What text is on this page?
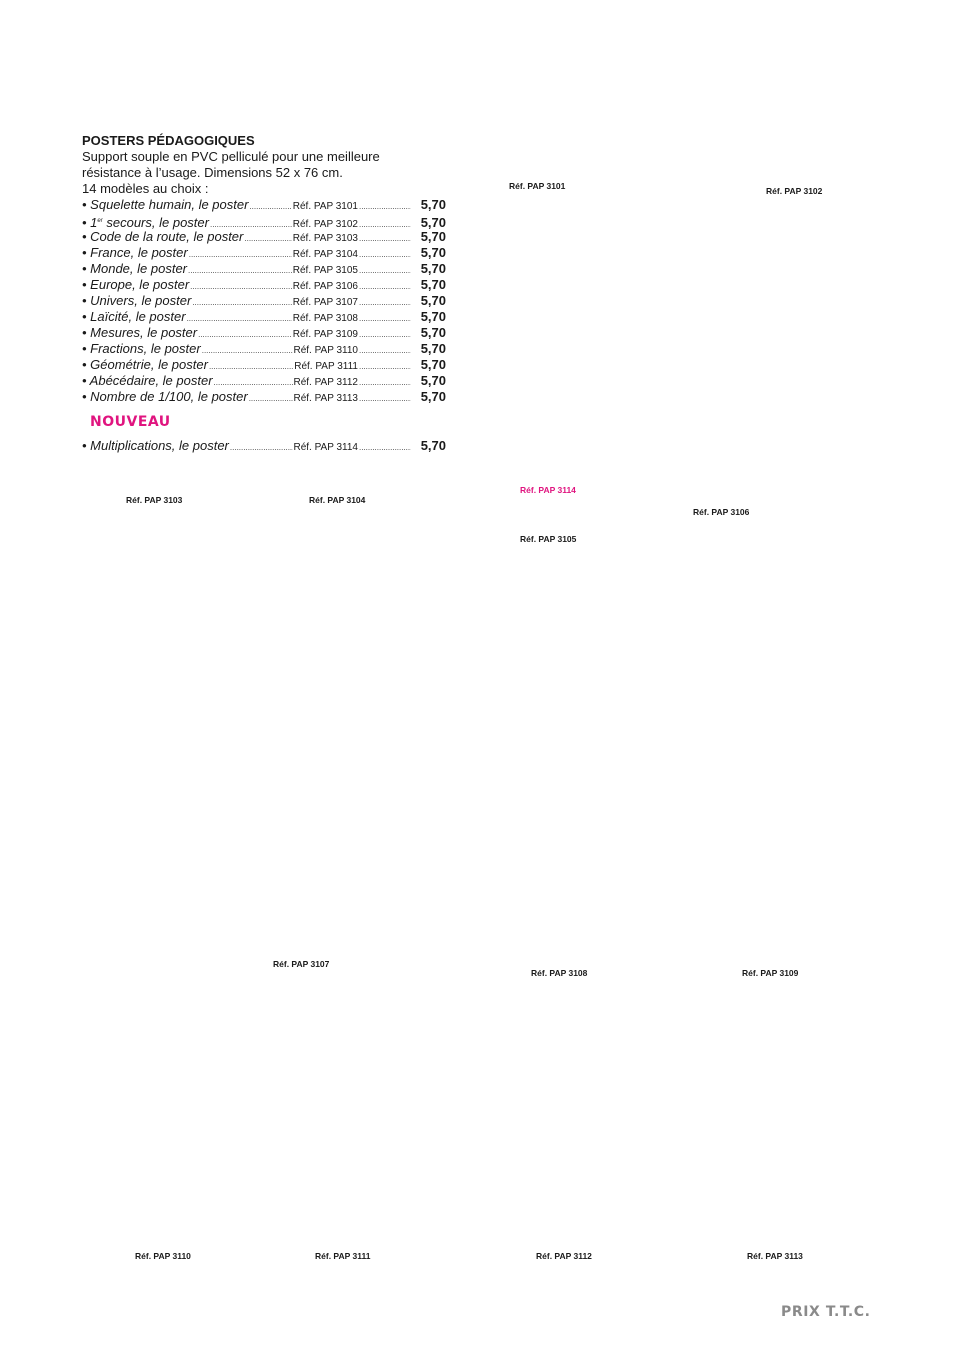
POSTERS PÉDAGOGIQUES
Support souple en PVC pelliculé pour une meilleure
résistance à l’usage. Dimensions 52 x 76 cm.
14 modèles au choix :
• Squelette humain, le poster .....	Réf. PAP 3101 .....	5,70
• 1er secours, le poster .....	Réf. PAP 3102 .....	5,70
• Code de la route, le poster .....	Réf. PAP 3103 .....	5,70
• France, le poster .....	Réf. PAP 3104 .....	5,70
• Monde, le poster .....	Réf. PAP 3105 .....	5,70
• Europe, le poster .....	Réf. PAP 3106 .....	5,70
• Univers, le poster .....	Réf. PAP 3107 .....	5,70
• Laïcité, le poster .....	Réf. PAP 3108 .....	5,70
• Mesures, le poster .....	Réf. PAP 3109 .....	5,70
• Fractions, le poster .....	Réf. PAP 3110 .....	5,70
• Géométrie, le poster .....	Réf. PAP 3111 .....	5,70
• Abécédaire, le poster .....	Réf. PAP 3112 .....	5,70
• Nombre de 1/100, le poster .....	Réf. PAP 3113 .....	5,70
NOUVEAU
• Multiplications, le poster .....	Réf. PAP 3114 .....	5,70
Réf. PAP 3101	Réf. PAP 3102
Réf. PAP 3103	Réf. PAP 3104
Réf. PAP 3114
Réf. PAP 3106
Réf. PAP 3105
Réf. PAP 3107
Réf. PAP 3108	Réf. PAP 3109
Réf. PAP 3110	Réf. PAP 3111	Réf. PAP 3112	Réf. PAP 3113
PRIX T.T.C.
